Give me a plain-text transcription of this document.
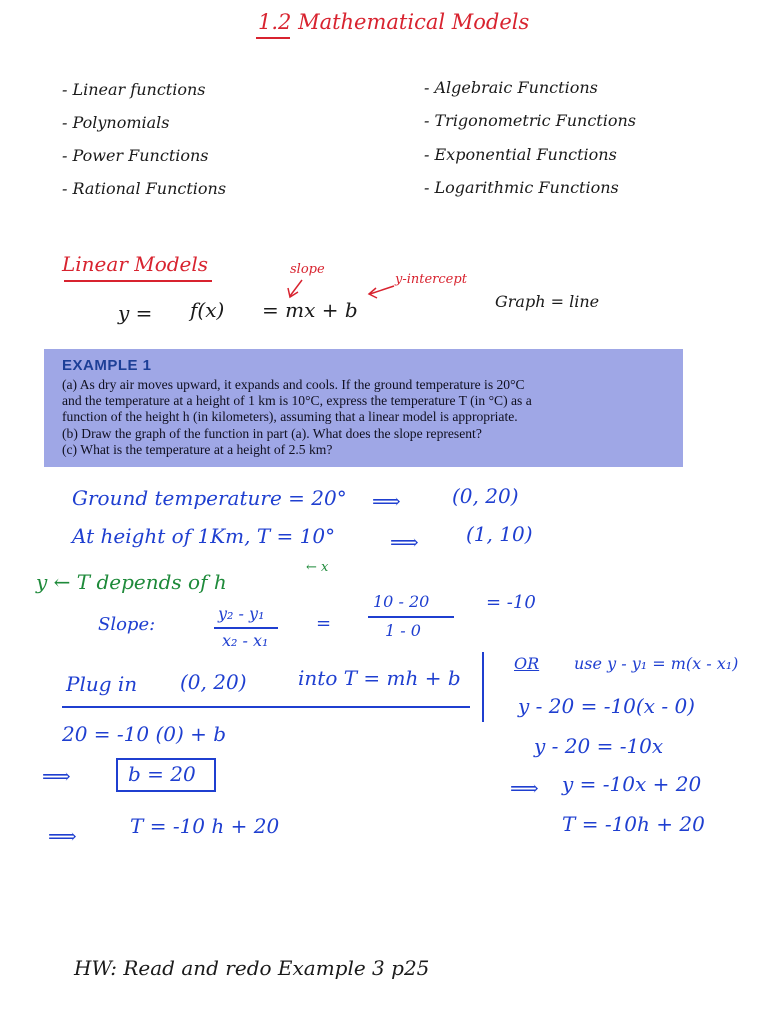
1.2 Mathematical Models
- Linear functions
- Polynomials
- Power Functions
- Rational Functions
- Algebraic Functions
- Trigonometric Functions
- Exponential Functions
- Logarithmic Functions
Linear Models	slope
y-intercept
y = f(x) = mx + b	Graph = line
EXAMPLE 1
(a) As dry air moves upward, it expands and cools. If the ground temperature is 20°C
and the temperature at a height of 1 km is 10°C, express the temperature T (in °C) as a
function of the height h (in kilometers), assuming that a linear model is appropriate.
(b) Draw the graph of the function in part (a). What does the slope represent?
(c) What is the temperature at a height of 2.5 km?
Ground temperature = 20° ⟹	(0, 20)
At height of 1Km, T = 10°	⟹ (1, 10)
y ← T depends of h
← x
Slope:
y₂ - y₁
x₂ - x₁
=
10 - 20
1 - 0
= -10
Plug in (0, 20)	into T = mh + b
20 = -10 (0) + b
⟹	b = 20
⟹	T = -10 h + 20
OR use y - y₁ = m(x - x₁)
y - 20 = -10(x - 0)
y - 20 = -10x
⟹ y = -10x + 20
T = -10h + 20
HW: Read and redo Example 3 p25
